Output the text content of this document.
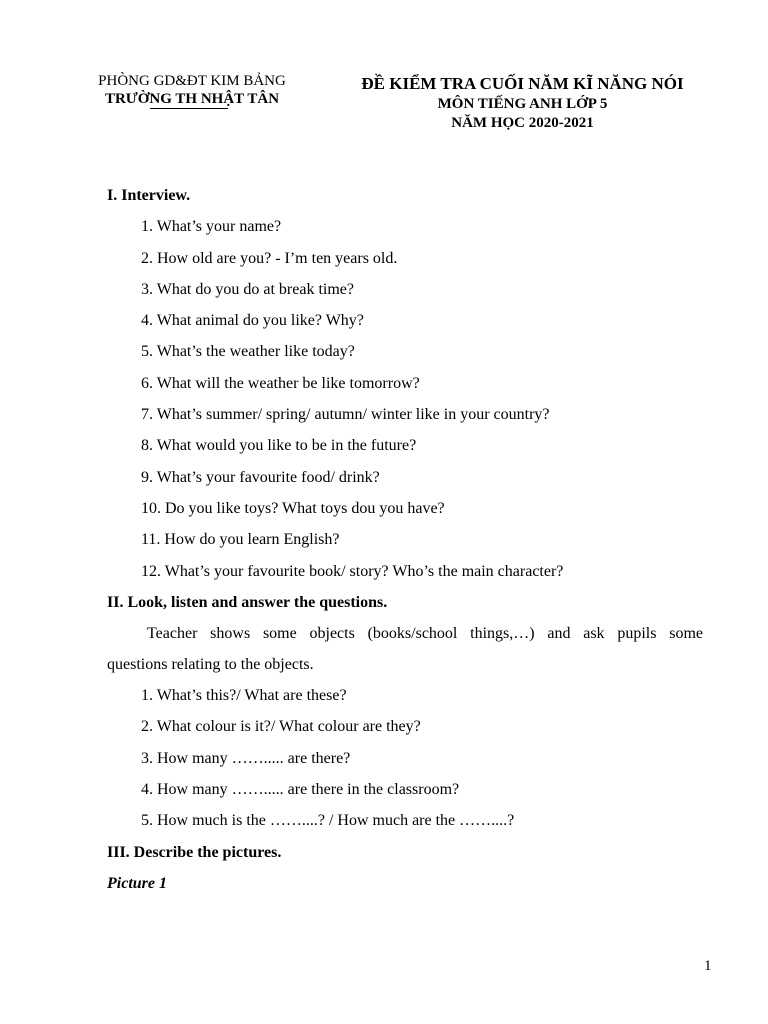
PHÒNG GD&ĐT KIM BẢNG
TRƯỜNG TH NHẬT TÂN
ĐỀ KIỂM TRA CUỐI NĂM KĨ NĂNG NÓI
MÔN TIẾNG ANH LỚP 5
NĂM HỌC 2020-2021
I. Interview.
1. What’s your name?
2. How old are you? - I’m ten years old.
3. What do you do at break time?
4. What animal do you like? Why?
5. What’s the weather like today?
6. What will the weather be like tomorrow?
7. What’s summer/ spring/ autumn/ winter like in your country?
8. What would you like to be in the future?
9. What’s your favourite food/ drink?
10. Do you like toys? What toys dou you have?
11. How do you learn English?
12. What’s your favourite book/ story? Who’s the main character?
II. Look, listen and answer the questions.
Teacher shows some objects (books/school things,…) and ask pupils some
questions relating to the objects.
1. What’s this?/ What are these?
2. What colour is it?/ What colour are they?
3. How many ……..... are there?
4. How many ……..... are there in the classroom?
5. How much is the ……....? / How much are the ……....?
III. Describe the pictures.
Picture 1
1
